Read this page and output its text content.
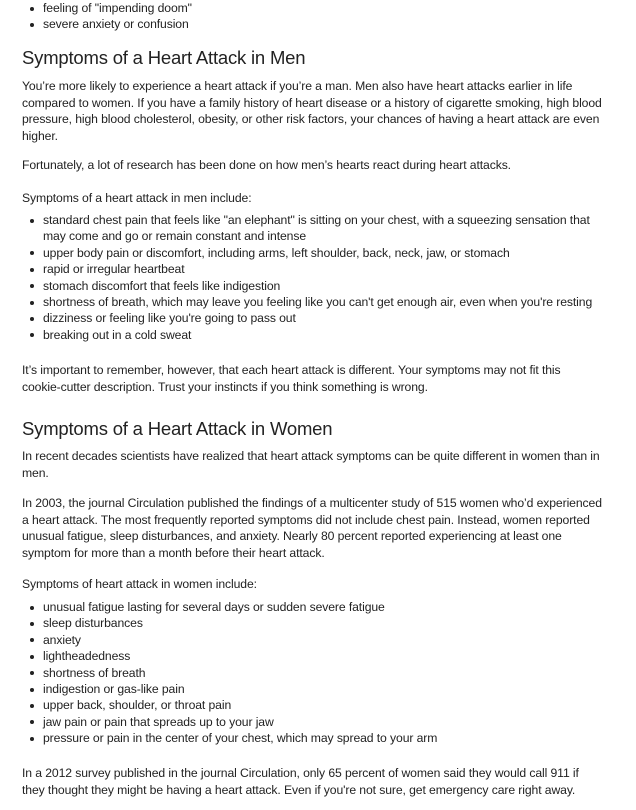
feeling of "impending doom"
severe anxiety or confusion
Symptoms of a Heart Attack in Men

You’re more likely to experience a heart attack if you’re a man. Men also have heart attacks earlier in life compared to women. If you have a family history of heart disease or a history of cigarette smoking, high blood pressure, high blood cholesterol, obesity, or other risk factors, your chances of having a heart attack are even higher.

Fortunately, a lot of research has been done on how men’s hearts react during heart attacks.

Symptoms of a heart attack in men include:

standard chest pain that feels like "an elephant" is sitting on your chest, with a squeezing sensation that may come and go or remain constant and intense
upper body pain or discomfort, including arms, left shoulder, back, neck, jaw, or stomach
rapid or irregular heartbeat
stomach discomfort that feels like indigestion
shortness of breath, which may leave you feeling like you can't get enough air, even when you're resting
dizziness or feeling like you're going to pass out
breaking out in a cold sweat

It’s important to remember, however, that each heart attack is different. Your symptoms may not fit this cookie-cutter description. Trust your instincts if you think something is wrong.

Symptoms of a Heart Attack in Women

In recent decades scientists have realized that heart attack symptoms can be quite different in women than in men.

In 2003, the journal Circulation published the findings of a multicenter study of 515 women who’d experienced a heart attack. The most frequently reported symptoms did not include chest pain. Instead, women reported unusual fatigue, sleep disturbances, and anxiety. Nearly 80 percent reported experiencing at least one symptom for more than a month before their heart attack.

Symptoms of heart attack in women include:

unusual fatigue lasting for several days or sudden severe fatigue
sleep disturbances
anxiety
lightheadedness
shortness of breath
indigestion or gas-like pain
upper back, shoulder, or throat pain
jaw pain or pain that spreads up to your jaw
pressure or pain in the center of your chest, which may spread to your arm

In a 2012 survey published in the journal Circulation, only 65 percent of women said they would call 911 if they thought they might be having a heart attack. Even if you're not sure, get emergency care right away.
